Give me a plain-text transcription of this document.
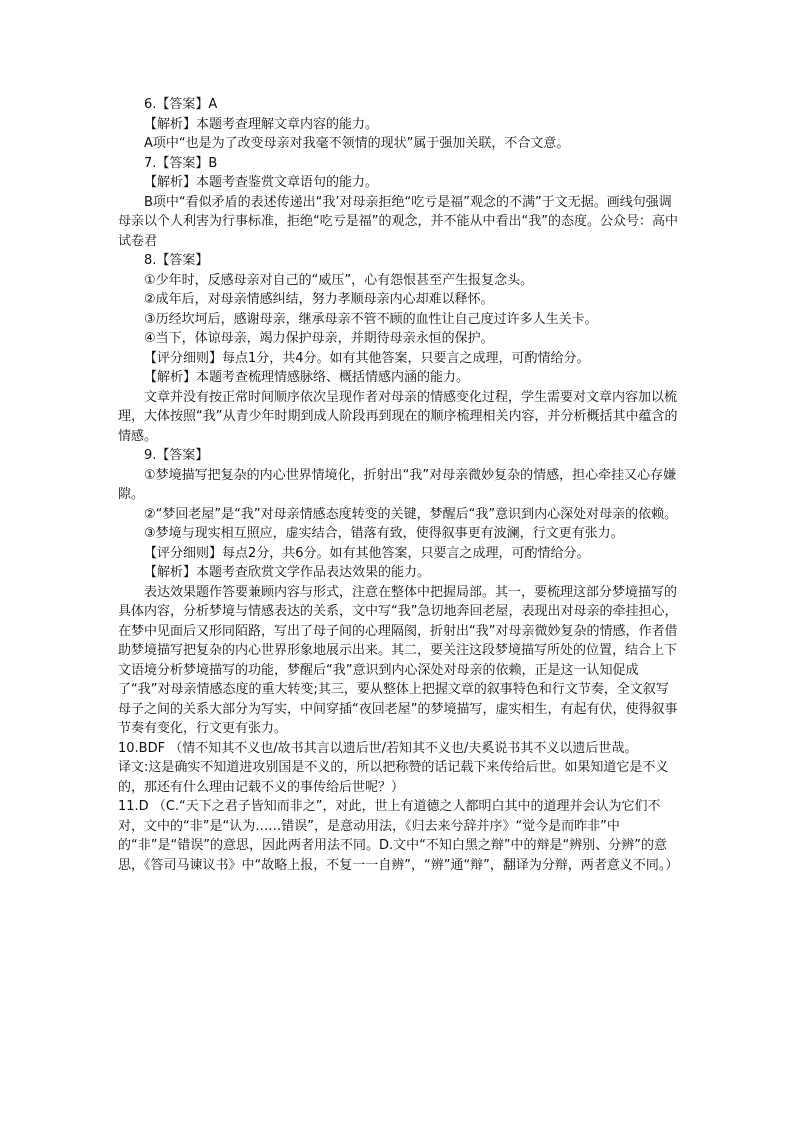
6.【答案】A

【解析】本题考查理解文章内容的能力。

A项中“也是为了改变母亲对我毫不领情的现状”属于强加关联，不合文意。

7.【答案】B

【解析】本题考查鉴赏文章语句的能力。

B项中“看似矛盾的表述传递出“我’对母亲拒绝“吃亏是福”观念的不满”于文无据。画线句强调母亲以个人利害为行事标准，拒绝“吃亏是福”的观念，并不能从中看出“我”的态度。公众号：高中试卷君

8.【答案】

①少年时，反感母亲对自己的“威压”，心有怨恨甚至产生报复念头。

②成年后，对母亲情感纠结，努力孝顺母亲内心却难以释怀。

③历经坎坷后，感谢母亲，继承母亲不管不顾的血性让自己度过许多人生关卡。

④当下，体谅母亲，竭力保护母亲，并期待母亲永恒的保护。

【评分细则】每点1分，共4分。如有其他答案，只要言之成理，可酌情给分。

【解析】本题考查梳理情感脉络、概括情感内涵的能力。

文章并没有按正常时间顺序依次呈现作者对母亲的情感变化过程，学生需要对文章内容加以梳理，大体按照“我”从青少年时期到成人阶段再到现在的顺序梳理相关内容，并分析概括其中蕴含的情感。

9.【答案】

①梦境描写把复杂的内心世界情境化，折射出“我”对母亲微妙复杂的情感，担心牵挂又心存嫌隙。

②“梦回老屋”是“我”对母亲情感态度转变的关键，梦醒后“我”意识到内心深处对母亲的依赖。

③梦境与现实相互照应，虚实结合，错落有致，使得叙事更有波澜，行文更有张力。

【评分细则】每点2分，共6分。如有其他答案，只要言之成理，可酌情给分。

【解析】本题考查欣赏文学作品表达效果的能力。

表达效果题作答要兼顾内容与形式，注意在整体中把握局部。其一，要梳理这部分梦境描写的具体内容，分析梦境与情感表达的关系，文中写“我”急切地奔回老屋，表现出对母亲的牵挂担心，在梦中见面后又形同陌路，写出了母子间的心理隔阂，折射出“我”对母亲微妙复杂的情感，作者借助梦境描写把复杂的内心世界形象地展示出来。其二，要关注这段梦境描写所处的位置，结合上下文语境分析梦境描写的功能，梦醒后“我”意识到内心深处对母亲的依赖，正是这一认知促成了“我”对母亲情感态度的重大转变;其三，要从整体上把握文章的叙事特色和行文节奏，全文叙写母子之间的关系大部分为写实，中间穿插“夜回老屋”的梦境描写，虚实相生，有起有伏，使得叙事节奏有变化，行文更有张力。

10.BDF （情不知其不义也/故书其言以遗后世/若知其不义也/夫奚说书其不义以遗后世哉。

译文:这是确实不知道进攻别国是不义的，所以把称赞的话记载下来传给后世。如果知道它是不义的，那还有什么理由记载不义的事传给后世呢？）

11.D （C.“天下之君子皆知而非之”，对此，世上有道德之人都明白其中的道理并会认为它们不对，文中的“非”是“认为……错误”，是意动用法，《归去来兮辞并序》“觉今是而昨非”中的“非”是“错误”的意思，因此两者用法不同。D.文中“不知白黑之辩”中的辩是“辨别、分辨”的意思，《答司马谏议书》中“故略上报，不复一一自辨”，“辨”通“辩”，翻译为分辩，两者意义不同。）
